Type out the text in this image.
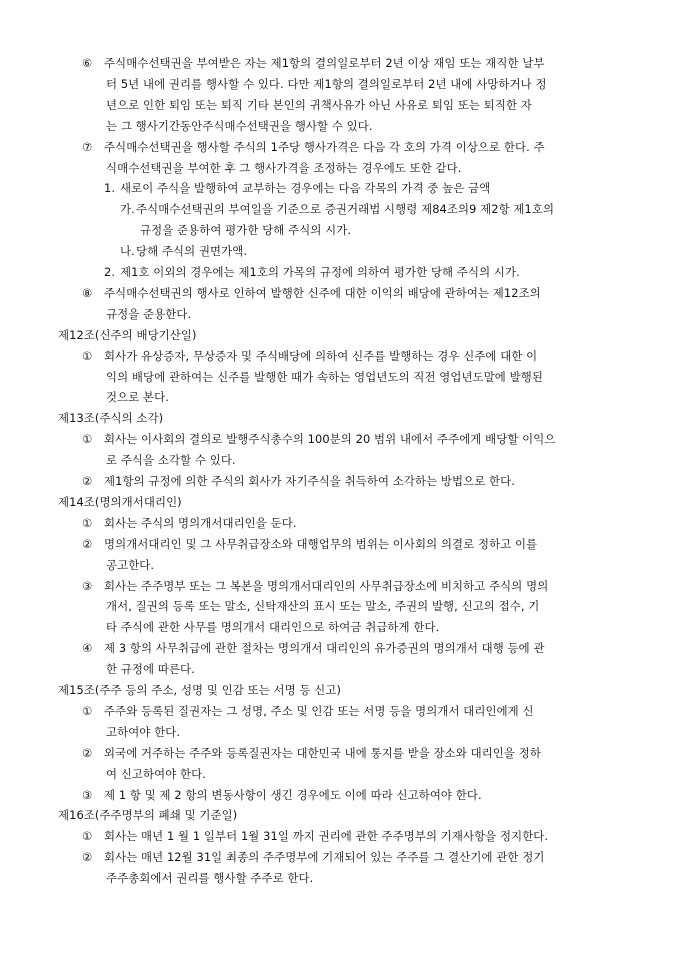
⑥ 주식매수선택권을 부여받은 자는 제1항의 결의일로부터 2년 이상 재임 또는 재직한 날부
터 5년 내에 권리를 행사할 수 있다. 다만 제1항의 결의일로부터 2년 내에 사망하거나 정
년으로 인한 퇴임 또는 퇴직 기타 본인의 귀책사유가 아닌 사유로 퇴임 또는 퇴직한 자
는 그 행사기간동안주식매수선택권을 행사할 수 있다.
⑦ 주식매수선택권을 행사할 주식의 1주당 행사가격은 다음 각 호의 가격 이상으로 한다. 주
식매수선택권을 부여한 후 그 행사가격을 조정하는 경우에도 또한 같다.
1. 새로이 주식을 발행하여 교부하는 경우에는 다음 각목의 가격 중 높은 금액
가.주식매수선택권의 부여일을 기준으로 증권거래법 시행령 제84조의9 제2항 제1호의
규정을 준용하여 평가한 당해 주식의 시가.
나.당해 주식의 권면가액.
2. 제1호 이외의 경우에는 제1호의 가목의 규정에 의하여 평가한 당해 주식의 시가.
⑧ 주식매수선택권의 행사로 인하여 발행한 신주에 대한 이익의 배당에 관하여는 제12조의
규정을 준용한다.
제12조(신주의 배당기산일)
① 회사가 유상증자, 무상증자 및 주식배당에 의하여 신주를 발행하는 경우 신주에 대한 이
익의 배당에 관하여는 신주를 발행한 때가 속하는 영업년도의 직전 영업년도말에 발행된
것으로 본다.
제13조(주식의 소각)
① 회사는 이사회의 결의로 발행주식총수의 100분의 20 범위 내에서 주주에게 배당할 이익으
로 주식을 소각할 수 있다.
② 제1항의 규정에 의한 주식의 회사가 자기주식을 취득하여 소각하는 방법으로 한다.
제14조(명의개서대리인)
① 회사는 주식의 명의개서대리인을 둔다.
② 명의개서대리인 및 그 사무취급장소와 대행업무의 범위는 이사회의 의결로 정하고 이를
공고한다.
③ 회사는 주주명부 또는 그 복본을 명의개서대리인의 사무취급장소에 비치하고 주식의 명의
개서, 질권의 등록 또는 말소, 신탁재산의 표시 또는 말소, 주권의 발행, 신고의 접수, 기
타 주식에 관한 사무를 명의개서 대리인으로 하여금 취급하게 한다.
④ 제 3 항의 사무취급에 관한 절차는 명의개서 대리인의 유가증권의 명의개서 대행 등에 관
한 규정에 따른다.
제15조(주주 등의 주소, 성명 및 인감 또는 서명 등 신고)
① 주주와 등록된 질권자는 그 성명, 주소 및 인감 또는 서명 등을 명의개서 대리인에게 신
고하여야 한다.
② 외국에 거주하는 주주와 등록질권자는 대한민국 내에 통지를 받을 장소와 대리인을 정하
여 신고하여야 한다.
③ 제 1 항 및 제 2 항의 변동사항이 생긴 경우에도 이에 따라 신고하여야 한다.
제16조(주주명부의 폐쇄 및 기준일)
① 회사는 매년 1 월 1 일부터 1월 31일 까지 권리에 관한 주주명부의 기재사항을 정지한다.
② 회사는 매년 12월 31일 최종의 주주명부에 기재되어 있는 주주를 그 결산기에 관한 정기
주주총회에서 권리를 행사할 주주로 한다.
